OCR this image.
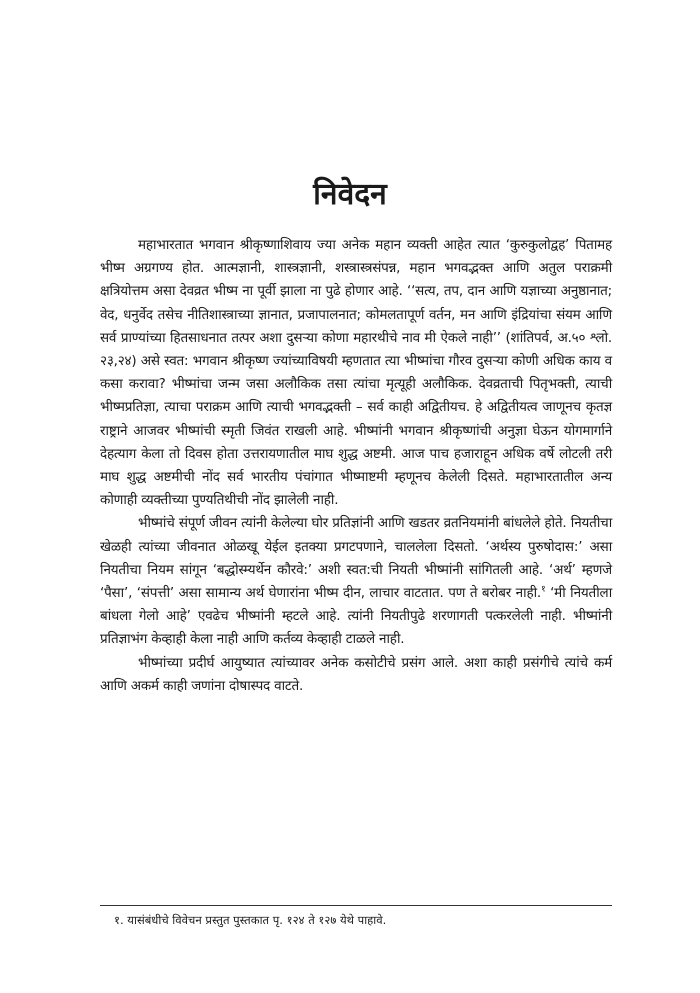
निवेदन

महाभारतात भगवान श्रीकृष्णाशिवाय ज्या अनेक महान व्यक्ती आहेत त्यात ‘कुरुकुलोद्वह’ पितामह भीष्म अग्रगण्य होत. आत्मज्ञानी, शास्त्रज्ञानी, शस्त्रास्त्रसंपन्न, महान भगवद्भक्त आणि अतुल पराक्रमी क्षत्रियोत्तम असा देवव्रत भीष्म ना पूर्वी झाला ना पुढे होणार आहे. ‘‘सत्य, तप, दान आणि यज्ञाच्या अनुष्ठानात; वेद, धनुर्वेद तसेच नीतिशास्त्राच्या ज्ञानात, प्रजापालनात; कोमलतापूर्ण वर्तन, मन आणि इंद्रियांचा संयम आणि सर्व प्राण्यांच्या हितसाधनात तत्पर अशा दुसऱ्या कोणा महारथीचे नाव मी ऐकले नाही’’ (शांतिपर्व, अ.५० श्लो. २३,२४) असे स्वत: भगवान श्रीकृष्ण ज्यांच्याविषयी म्हणतात त्या भीष्मांचा गौरव दुसऱ्या कोणी अधिक काय व कसा करावा? भीष्मांचा जन्म जसा अलौकिक तसा त्यांचा मृत्यूही अलौकिक. देवव्रताची पितृभक्ती, त्याची भीष्मप्रतिज्ञा, त्याचा पराक्रम आणि त्याची भगवद्भक्ती – सर्व काही अद्वितीयच. हे अद्वितीयत्व जाणूनच कृतज्ञ राष्ट्राने आजवर भीष्मांची स्मृती जिवंत राखली आहे. भीष्मांनी भगवान श्रीकृष्णांची अनुज्ञा घेऊन योगमार्गाने देहत्याग केला तो दिवस होता उत्तरायणातील माघ शुद्ध अष्टमी. आज पाच हजाराहून अधिक वर्षे लोटली तरी माघ शुद्ध अष्टमीची नोंद सर्व भारतीय पंचांगात भीष्माष्टमी म्हणूनच केलेली दिसते. महाभारतातील अन्य कोणाही व्यक्तीच्या पुण्यतिथीची नोंद झालेली नाही.

भीष्मांचे संपूर्ण जीवन त्यांनी केलेल्या घोर प्रतिज्ञांनी आणि खडतर व्रतनियमांनी बांधलेले होते. नियतीचा खेळही त्यांच्या जीवनात ओळखू येईल इतक्या प्रगटपणाने, चाललेला दिसतो. ‘अर्थस्य पुरुषोदास:’ असा नियतीचा नियम सांगून ‘बद्धोस्म्यर्थेन कौरवे:’ अशी स्वत:ची नियती भीष्मांनी सांगितली आहे. ‘अर्थ’ म्हणजे ‘पैसा’, ‘संपत्ती’ असा सामान्य अर्थ घेणारांना भीष्म दीन, लाचार वाटतात. पण ते बरोबर नाही.$^१$ ‘मी नियतीला बांधला गेलो आहे’ एवढेच भीष्मांनी म्हटले आहे. त्यांनी नियतीपुढे शरणागती पत्करलेली नाही. भीष्मांनी प्रतिज्ञाभंग केव्हाही केला नाही आणि कर्तव्य केव्हाही टाळले नाही.

भीष्मांच्या प्रदीर्घ आयुष्यात त्यांच्यावर अनेक कसोटीचे प्रसंग आले. अशा काही प्रसंगीचे त्यांचे कर्म आणि अकर्म काही जणांना दोषास्पद वाटते.

१. यासंबंधीचे विवेचन प्रस्तुत पुस्तकात पृ. १२४ ते १२७ येथे पाहावे.
